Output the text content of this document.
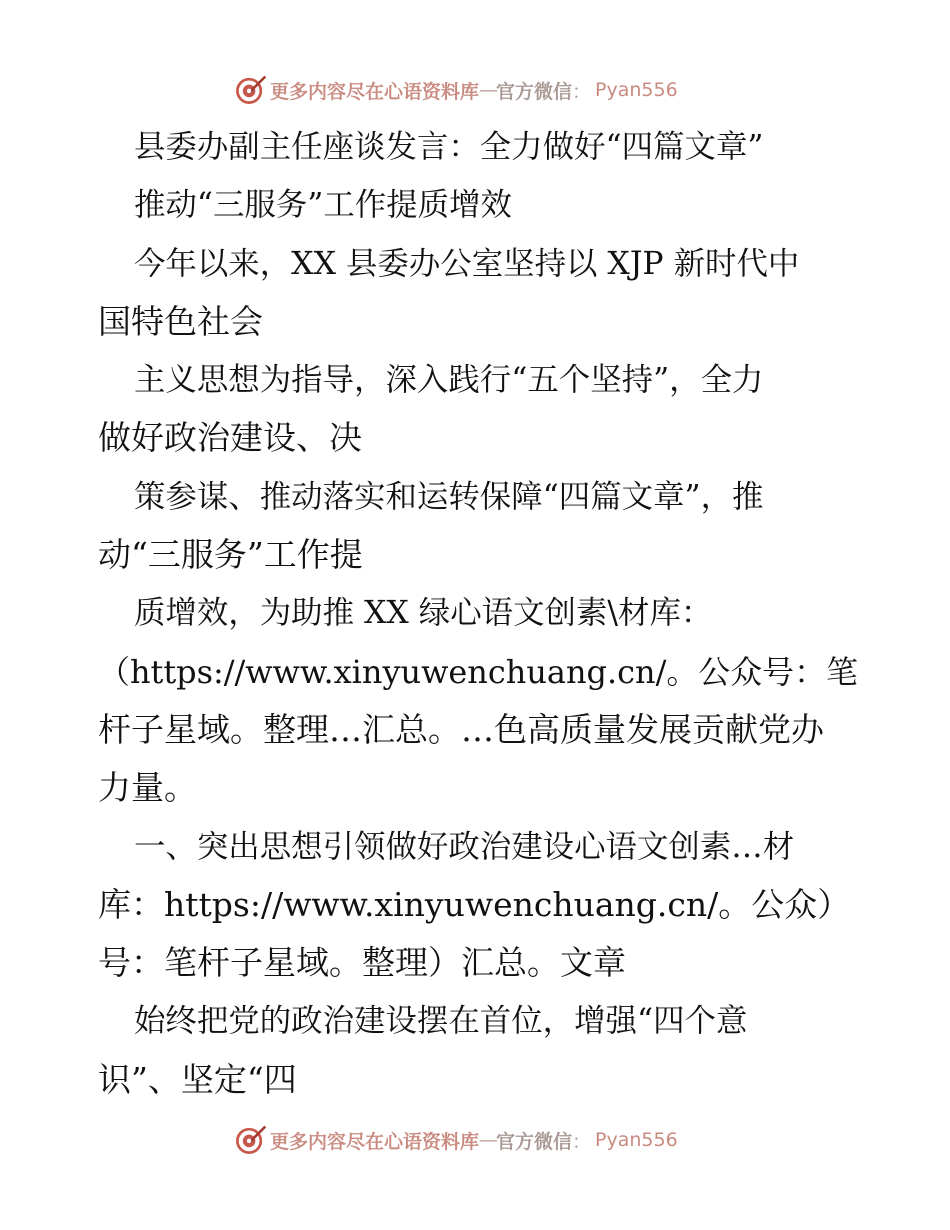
更多内容尽在心语资料库 — 官方微信 ： Pyan556
县委办副主任座谈发言：全力做好“四篇文章”
推动“三服务”工作提质增效
今年以来，XX 县委办公室坚持以 XJP 新时代中
国特色社会
主义思想为指导，深入践行“五个坚持”，全力
做好政治建设、决
策参谋、推动落实和运转保障“四篇文章”，推
动“三服务”工作提
质增效，为助推 XX 绿心语文创素\材库：
（https://www.xinyuwenchuang.cn/。公众号：笔
杆子星域。整理…汇总。…色高质量发展贡献党办
力量。
一、突出思想引领做好政治建设心语文创素…材
库：https://www.xinyuwenchuang.cn/。公众）
号：笔杆子星域。整理）汇总。文章
始终把党的政治建设摆在首位，增强“四个意
识”、坚定“四
更多内容尽在心语资料库 — 官方微信 ： Pyan556
